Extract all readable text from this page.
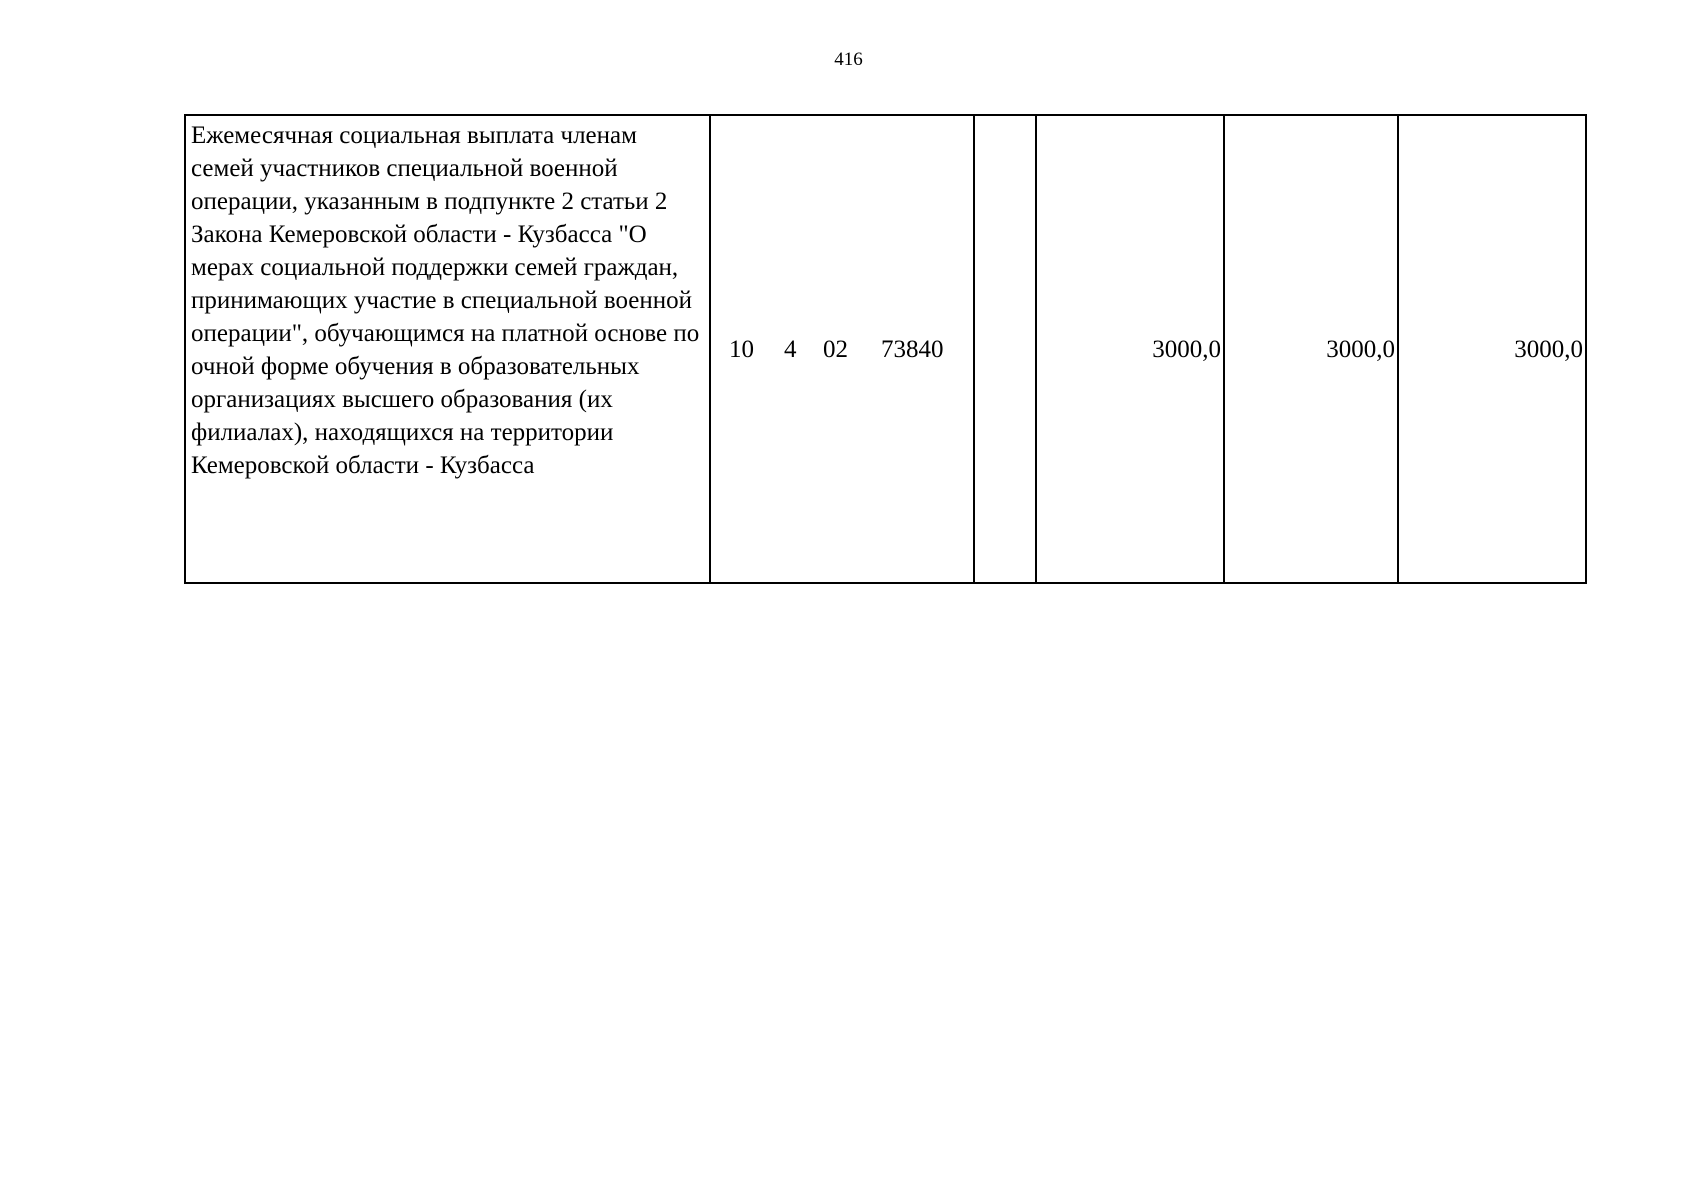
416
Ежемесячная социальная выплата членам семей участников специальной военной операции, указанным в подпункте 2 статьи 2 Закона Кемеровской области - Кузбасса "О мерах социальной поддержки семей граждан, принимающих участие в специальной военной операции", обучающимся на платной основе по очной форме обучения в образовательных организациях высшего образования (их филиалах), находящихся на территории Кемеровской области - Кузбасса	
10	4	02	73840		3000,0	3000,0	3000,0
